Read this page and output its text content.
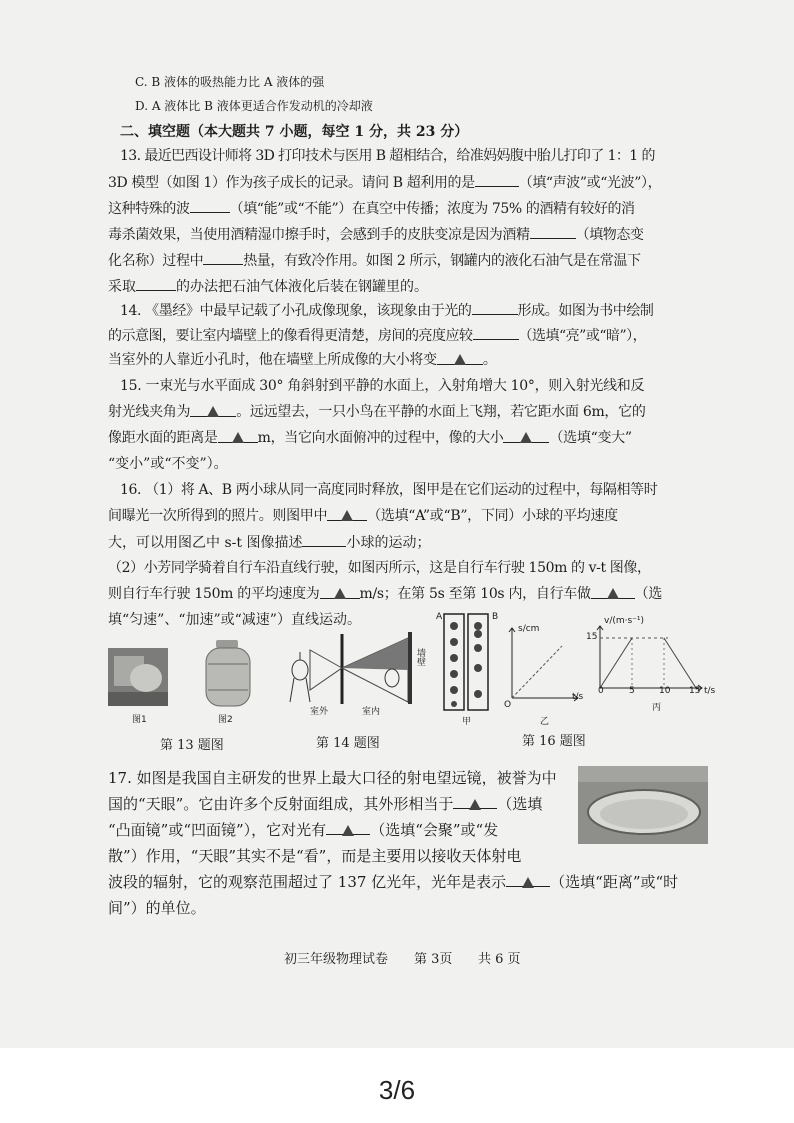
C. B 液体的吸热能力比 A 液体的强
D. A 液体比 B 液体更适合作发动机的冷却液
二、填空题（本大题共 7 小题，每空 1 分，共 23 分）
13. 最近巴西设计师将 3D 打印技术与医用 B 超相结合，给准妈妈腹中胎儿打印了 1：1 的
3D 模型（如图 1）作为孩子成长的记录。请问 B 超利用的是	（填“声波”或“光波”），
这种特殊的波	（填“能”或“不能”）在真空中传播；浓度为 75% 的酒精有较好的消
毒杀菌效果，当使用酒精湿巾擦手时，会感到手的皮肤变凉是因为酒精	（填物态变
化名称）过程中	热量，有致冷作用。如图 2 所示，钢罐内的液化石油气是在常温下
采取	的办法把石油气体液化后装在钢罐里的。
14. 《墨经》中最早记载了小孔成像现象，该现象由于光的	形成。如图为书中绘制
的示意图，要让室内墙壁上的像看得更清楚，房间的亮度应较	（选填“亮”或“暗”），
当室外的人靠近小孔时，他在墙壁上所成像的大小将变	。
15. 一束光与水平面成 30° 角斜射到平静的水面上，入射角增大 10°，则入射光线和反
射光线夹角为	。远远望去，一只小鸟在平静的水面上飞翔，若它距水面 6m，它的
像距水面的距离是	m，当它向水面俯冲的过程中，像的大小	（选填“变大”
“变小”或“不变”）。
16. （1）将 A、B 两小球从同一高度同时释放，图甲是在它们运动的过程中，每隔相等时
间曝光一次所得到的照片。则图甲中	（选填“A”或“B”，下同）小球的平均速度
大，可以用图乙中 s-t 图像描述	小球的运动；
（2）小芳同学骑着自行车沿直线行驶，如图丙所示，这是自行车行驶 150m 的 v-t 图像，
则自行车行驶 150m 的平均速度为	m/s；在第 5s 至第 10s 内，自行车做	（选
填“匀速”、“加速”或“减速”）直线运动。
图1	图2
室外	室内
墙壁
A	B
甲
s/cm
t/s
O
乙
v/(m·s⁻¹)
15
0	5	10 15 t/s
丙
第 13 题图	第 14 题图	第 16 题图
17. 如图是我国自主研发的世界上最大口径的射电望远镜，被誉为中
国的“天眼”。它由许多个反射面组成，其外形相当于	（选填
“凸面镜”或“凹面镜”），它对光有	（选填“会聚”或“发
散”）作用，“天眼”其实不是“看”，而是主要用以接收天体射电
波段的辐射，它的观察范围超过了 137 亿光年，光年是表示	（选填“距离”或“时
间”）的单位。
初三年级物理试卷 第 3页 共 6 页
3/6
